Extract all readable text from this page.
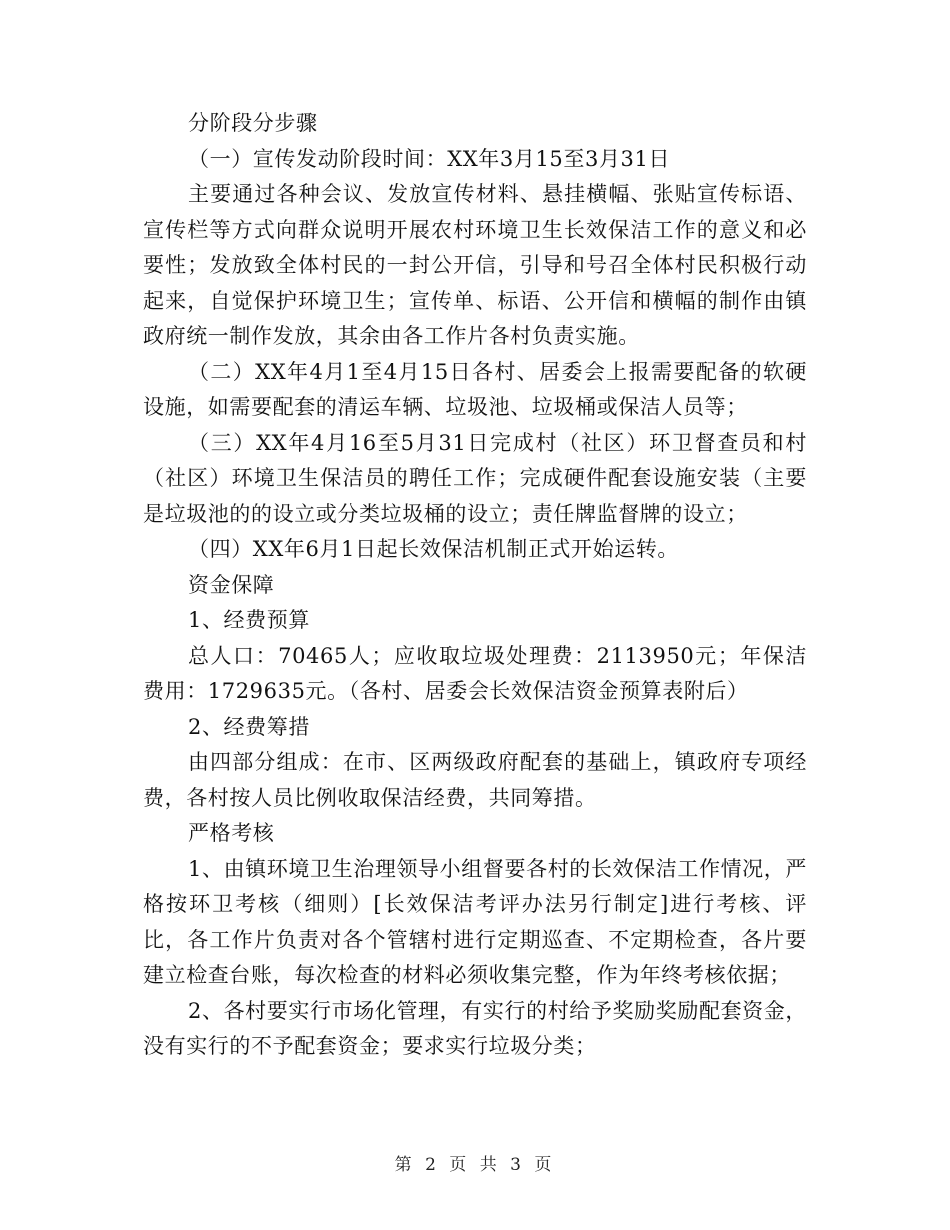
分阶段分步骤

（一）宣传发动阶段时间：XX年3月15至3月31日

主要通过各种会议、发放宣传材料、悬挂横幅、张贴宣传标语、宣传栏等方式向群众说明开展农村环境卫生长效保洁工作的意义和必要性；发放致全体村民的一封公开信，引导和号召全体村民积极行动起来，自觉保护环境卫生；宣传单、标语、公开信和横幅的制作由镇政府统一制作发放，其余由各工作片各村负责实施。

（二）XX年4月1至4月15日各村、居委会上报需要配备的软硬设施，如需要配套的清运车辆、垃圾池、垃圾桶或保洁人员等；

（三）XX年4月16至5月31日完成村（社区）环卫督查员和村（社区）环境卫生保洁员的聘任工作；完成硬件配套设施安装（主要是垃圾池的的设立或分类垃圾桶的设立；责任牌监督牌的设立；

（四）XX年6月1日起长效保洁机制正式开始运转。

资金保障

1、经费预算

总人口：70465人；应收取垃圾处理费：2113950元；年保洁费用：1729635元。（各村、居委会长效保洁资金预算表附后）

2、经费筹措

由四部分组成：在市、区两级政府配套的基础上，镇政府专项经费，各村按人员比例收取保洁经费，共同筹措。

严格考核

1、由镇环境卫生治理领导小组督要各村的长效保洁工作情况，严格按环卫考核（细则）[长效保洁考评办法另行制定]进行考核、评比，各工作片负责对各个管辖村进行定期巡查、不定期检查，各片要建立检查台账，每次检查的材料必须收集完整，作为年终考核依据；

2、各村要实行市场化管理，有实行的村给予奖励奖励配套资金，没有实行的不予配套资金；要求实行垃圾分类；

第 2 页 共 3 页
